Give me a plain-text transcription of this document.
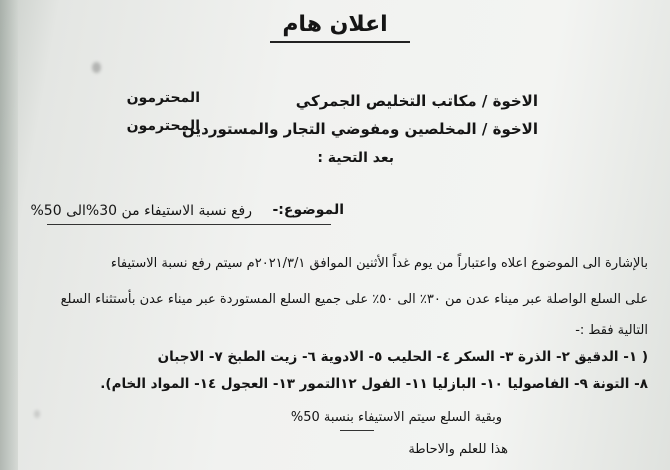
اعلان هام
الاخوة / مكاتب التخليص الجمركي
المحترمون
الاخوة / المخلصين ومفوضي التجار والمستوردين
المحترمون
بعد التحية :
الموضوع:-
رفع نسبة الاستيفاء من 30%الى 50%
بالإشارة الى الموضوع اعلاه واعتباراً من يوم غداً الأثنين الموافق ٢٠٢١/٣/١م سيتم رفع نسبة الاستيفاء
على السلع الواصلة عبر ميناء عدن من ٣٠٪ الى ٥٠٪ على جميع السلع المستوردة عبر ميناء عدن بأستثناء السلع
التالية فقط :-
( ١- الدقيق ٢- الذرة ٣- السكر ٤- الحليب ٥- الادوية ٦- زيت الطبخ ٧- الاجبان
٨- التونة ٩- الفاصوليا ١٠- البازليا ١١- الفول ١٢التمور ١٣- العجول ١٤- المواد الخام).
وبقية السلع سيتم الاستيفاء بنسبة 50%
هذا للعلم والاحاطة
